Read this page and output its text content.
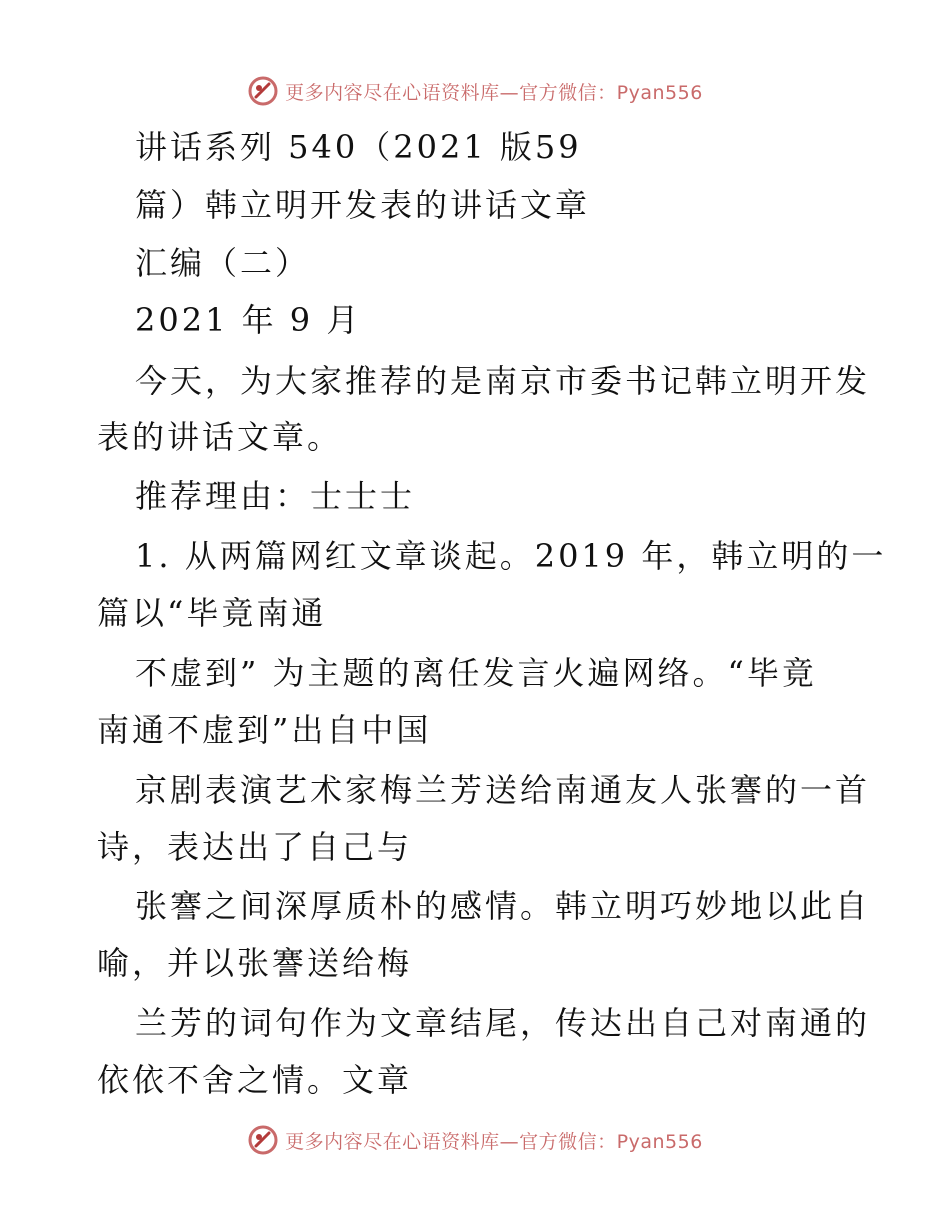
更多内容尽在心语资料库—官方微信：Pyan556
讲话系列 540（2021 版59
篇）韩立明开发表的讲话文章
汇编（二）
2021 年 9 月
今天，为大家推荐的是南京市委书记韩立明开发
表的讲话文章。
推荐理由：士士士
1. 从两篇网红文章谈起。2019 年，韩立明的一
篇以“毕竟南通
不虚到” 为主题的离任发言火遍网络。“毕竟
南通不虚到”出自中国
京剧表演艺术家梅兰芳送给南通友人张謇的一首
诗，表达出了自己与
张謇之间深厚质朴的感情。韩立明巧妙地以此自
喻，并以张謇送给梅
兰芳的词句作为文章结尾，传达出自己对南通的
依依不舍之情。文章
更多内容尽在心语资料库—官方微信：Pyan556
